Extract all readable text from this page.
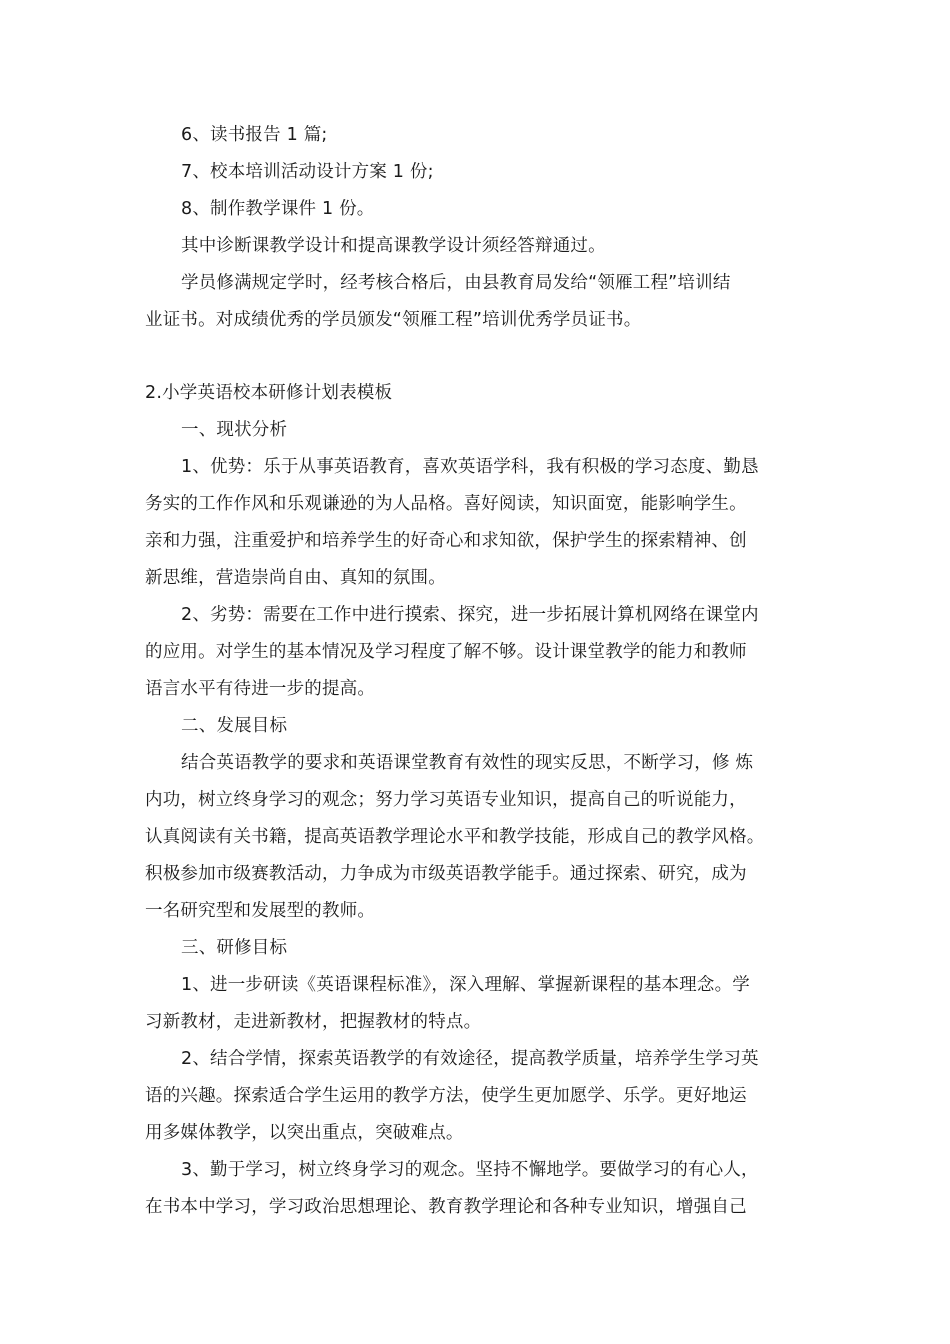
6、读书报告 1 篇;
7、校本培训活动设计方案 1 份;
8、制作教学课件 1 份。
其中诊断课教学设计和提高课教学设计须经答辩通过。
学员修满规定学时，经考核合格后，由县教育局发给“领雁工程”培训结
业证书。对成绩优秀的学员颁发“领雁工程”培训优秀学员证书。
2.小学英语校本研修计划表模板
一、现状分析
1、优势：乐于从事英语教育，喜欢英语学科，我有积极的学习态度、勤恳
务实的工作作风和乐观谦逊的为人品格。喜好阅读，知识面宽，能影响学生。
亲和力强，注重爱护和培养学生的好奇心和求知欲，保护学生的探索精神、创
新思维，营造崇尚自由、真知的氛围。
2、劣势：需要在工作中进行摸索、探究，进一步拓展计算机网络在课堂内
的应用。对学生的基本情况及学习程度了解不够。设计课堂教学的能力和教师
语言水平有待进一步的提高。
二、发展目标
结合英语教学的要求和英语课堂教育有效性的现实反思，不断学习，修 炼
内功，树立终身学习的观念；努力学习英语专业知识，提高自己的听说能力，
认真阅读有关书籍，提高英语教学理论水平和教学技能，形成自己的教学风格。
积极参加市级赛教活动，力争成为市级英语教学能手。通过探索、研究，成为
一名研究型和发展型的教师。
三、研修目标
1、进一步研读《英语课程标准》，深入理解、掌握新课程的基本理念。学
习新教材，走进新教材，把握教材的特点。
2、结合学情，探索英语教学的有效途径，提高教学质量，培养学生学习英
语的兴趣。探索适合学生运用的教学方法，使学生更加愿学、乐学。更好地运
用多媒体教学，以突出重点，突破难点。
3、勤于学习，树立终身学习的观念。坚持不懈地学。要做学习的有心人，
在书本中学习，学习政治思想理论、教育教学理论和各种专业知识，增强自己
